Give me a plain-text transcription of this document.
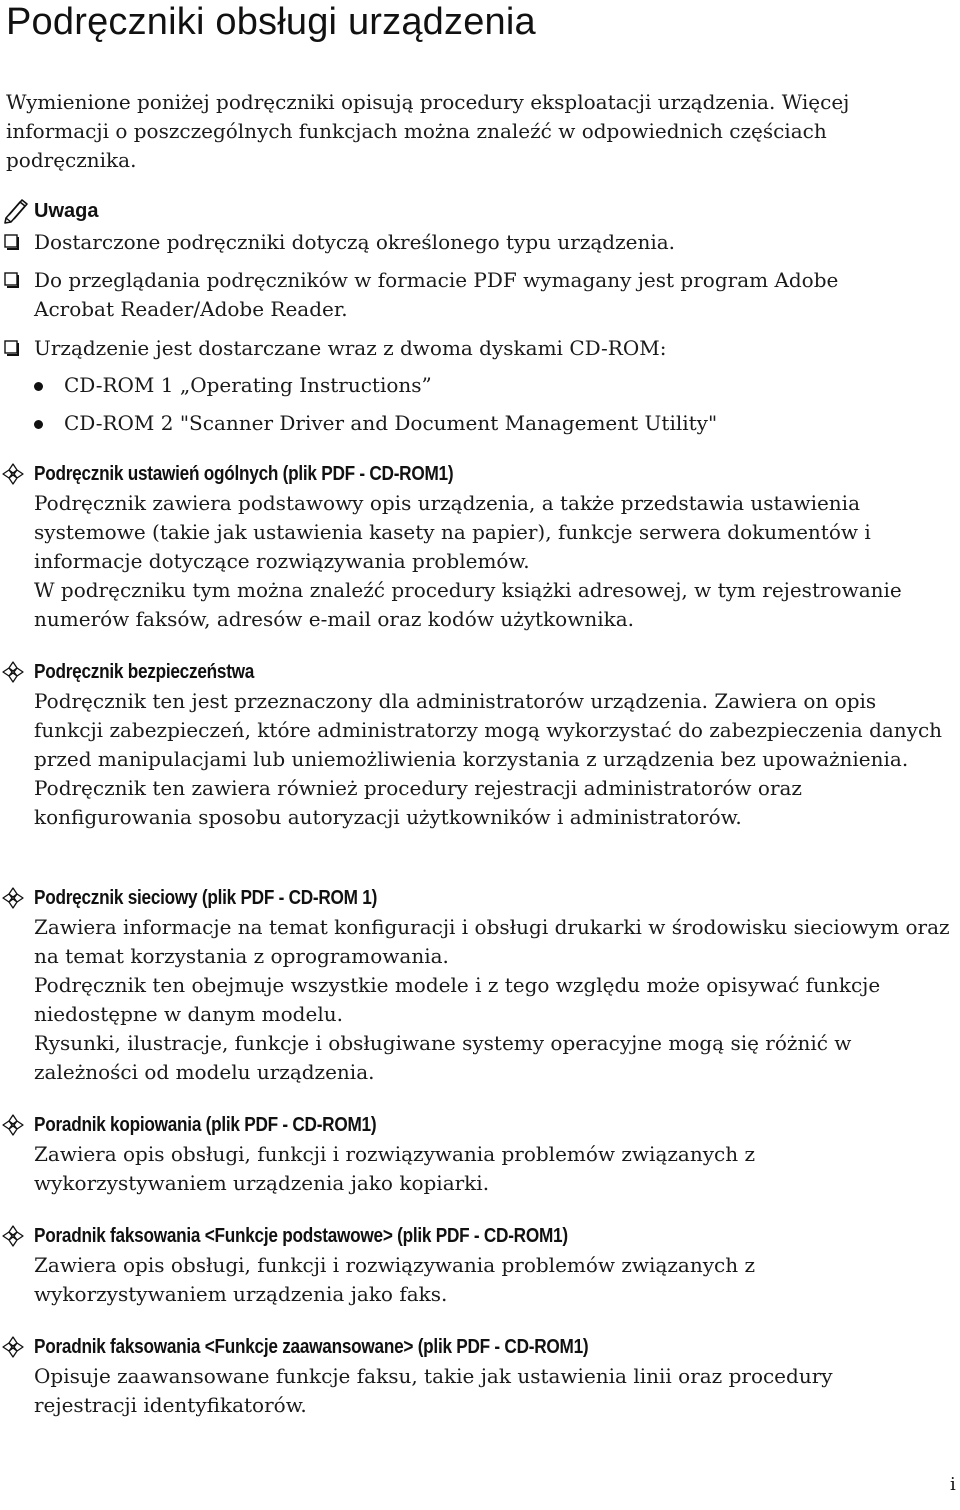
Podręczniki obsługi urządzenia
Wymienione poniżej podręczniki opisują procedury eksploatacji urządzenia. Więcej informacji o poszczególnych funkcjach można znaleźć w odpowiednich częściach podręcznika.
Uwaga
Dostarczone podręczniki dotyczą określonego typu urządzenia.
Do przeglądania podręczników w formacie PDF wymagany jest program Adobe Acrobat Reader/Adobe Reader.
Urządzenie jest dostarczane wraz z dwoma dyskami CD-ROM:
CD-ROM 1 „Operating Instructions”
CD-ROM 2 "Scanner Driver and Document Management Utility"
Podręcznik ustawień ogólnych (plik PDF - CD-ROM1)

Podręcznik zawiera podstawowy opis urządzenia, a także przedstawia ustawienia systemowe (takie jak ustawienia kasety na papier), funkcje serwera dokumentów i informacje dotyczące rozwiązywania problemów.

W podręczniku tym można znaleźć procedury książki adresowej, w tym rejestrowanie numerów faksów, adresów e-mail oraz kodów użytkownika.

Podręcznik bezpieczeństwa

Podręcznik ten jest przeznaczony dla administratorów urządzenia. Zawiera on opis funkcji zabezpieczeń, które administratorzy mogą wykorzystać do zabezpieczenia danych przed manipulacjami lub uniemożliwienia korzystania z urządzenia bez upoważnienia. Podręcznik ten zawiera również procedury rejestracji administratorów oraz konfigurowania sposobu autoryzacji użytkowników i administratorów.

Podręcznik sieciowy (plik PDF - CD-ROM 1)

Zawiera informacje na temat konfiguracji i obsługi drukarki w środowisku sieciowym oraz na temat korzystania z oprogramowania.

Podręcznik ten obejmuje wszystkie modele i z tego względu może opisywać funkcje niedostępne w danym modelu.

Rysunki, ilustracje, funkcje i obsługiwane systemy operacyjne mogą się różnić w zależności od modelu urządzenia.

Poradnik kopiowania (plik PDF - CD-ROM1)

Zawiera opis obsługi, funkcji i rozwiązywania problemów związanych z wykorzystywaniem urządzenia jako kopiarki.

Poradnik faksowania <Funkcje podstawowe> (plik PDF - CD-ROM1)

Zawiera opis obsługi, funkcji i rozwiązywania problemów związanych z wykorzystywaniem urządzenia jako faks.

Poradnik faksowania <Funkcje zaawansowane> (plik PDF - CD-ROM1)

Opisuje zaawansowane funkcje faksu, takie jak ustawienia linii oraz procedury rejestracji identyfikatorów.

i
